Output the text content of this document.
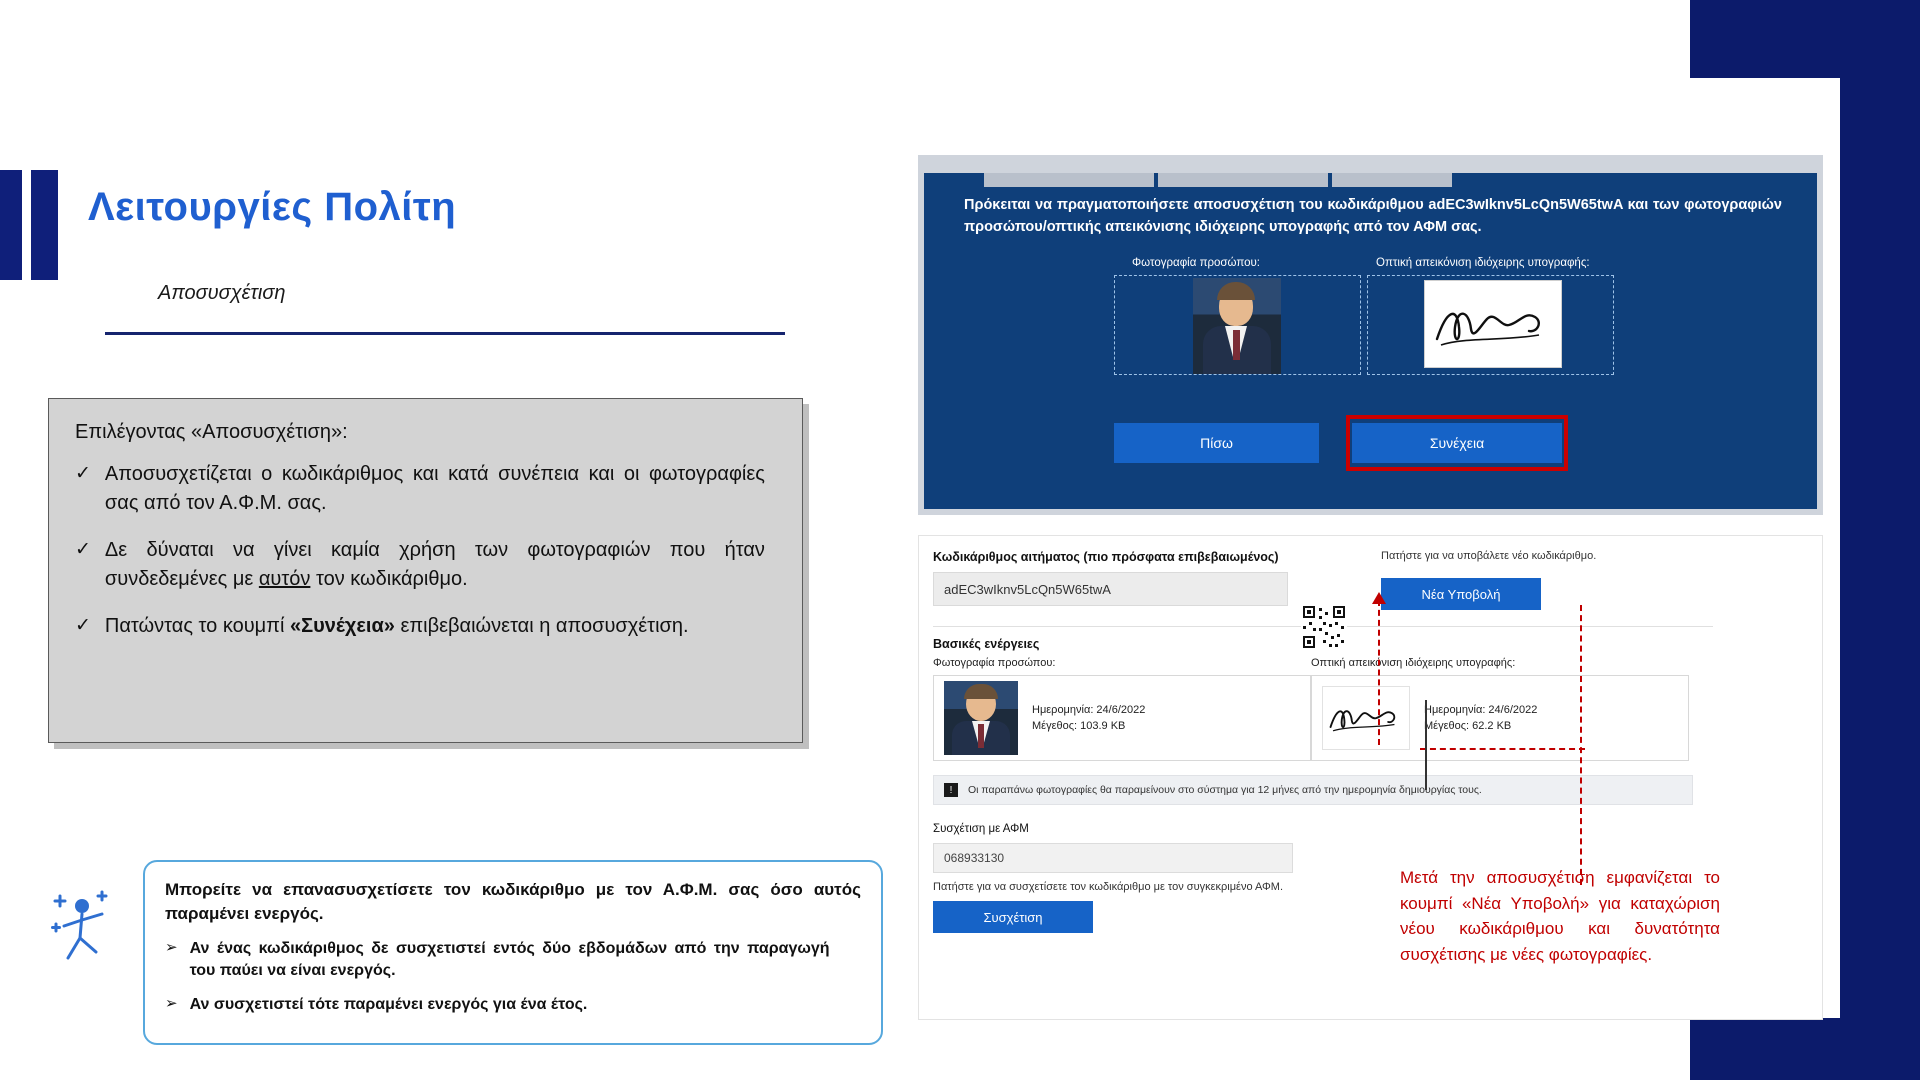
Λειτουργίες Πολίτη
Αποσυσχέτιση
Επιλέγοντας «Αποσυσχέτιση»:
✓ Αποσυσχετίζεται ο κωδικάριθμος και κατά συνέπεια και οι φωτογραφίες σας από τον Α.Φ.Μ. σας.
✓ Δε δύναται να γίνει καμία χρήση των φωτογραφιών που ήταν συνδεδεμένες με αυτόν τον κωδικάριθμο.
✓ Πατώντας το κουμπί «Συνέχεια» επιβεβαιώνεται η αποσυσχέτιση.
Μπορείτε να επανασυσχετίσετε τον κωδικάριθμο με τον Α.Φ.Μ. σας όσο αυτός παραμένει ενεργός.
➢ Αν ένας κωδικάριθμος δε συσχετιστεί εντός δύο εβδομάδων από την παραγωγή του παύει να είναι ενεργός.
➢ Αν συσχετιστεί τότε παραμένει ενεργός για ένα έτος.
Πρόκειται να πραγματοποιήσετε αποσυσχέτιση του κωδικάριθμου adEC3wIknv5LcQn5W65twA και των φωτογραφιών προσώπου/οπτικής απεικόνισης ιδιόχειρης υπογραφής από τον ΑΦΜ σας.
Φωτογραφία προσώπου:	Οπτική απεικόνιση ιδιόχειρης υπογραφής:
Πίσω	Συνέχεια
Κωδικάριθμος αιτήματος (πιο πρόσφατα επιβεβαιωμένος)
adEC3wIknv5LcQn5W65twA
Πατήστε για να υποβάλετε νέο κωδικάριθμο.
Νέα Υποβολή
Βασικές ενέργειες
Φωτογραφία προσώπου:	Οπτική απεικόνιση ιδιόχειρης υπογραφής:
Ημερομηνία: 24/6/2022
Μέγεθος: 103.9 KB
Ημερομηνία: 24/6/2022
Μέγεθος: 62.2 KB
!	Οι παραπάνω φωτογραφίες θα παραμείνουν στο σύστημα για 12 μήνες από την ημερομηνία δημιουργίας τους.
Συσχέτιση με ΑΦΜ
068933130
Πατήστε για να συσχετίσετε τον κωδικάριθμο με τον συγκεκριμένο ΑΦΜ.
Συσχέτιση
Μετά την αποσυσχέτιση εμφανίζεται το κουμπί «Νέα Υποβολή» για καταχώριση νέου κωδικάριθμου και δυνατότητα συσχέτισης με νέες φωτογραφίες.
